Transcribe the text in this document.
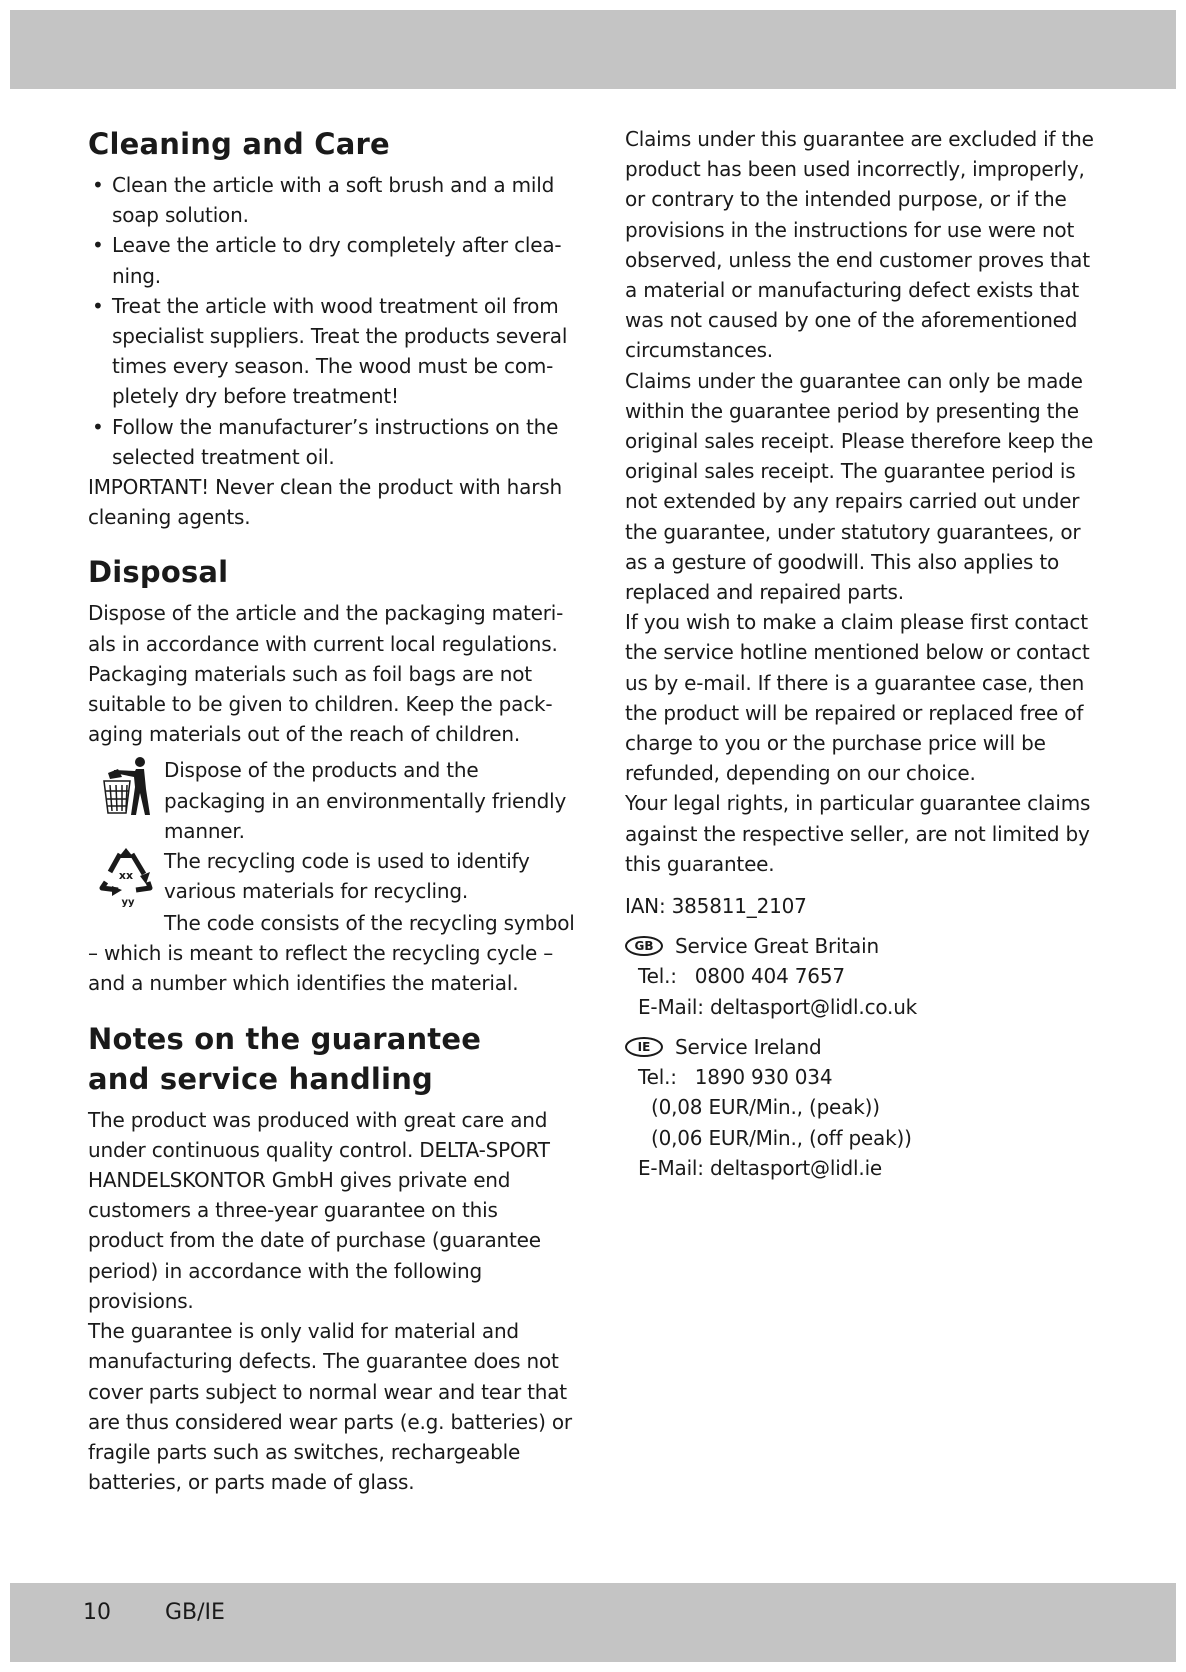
Cleaning and Care
• Clean the article with a soft brush and a mild soap solution.
• Leave the article to dry completely after clea-ning.
• Treat the article with wood treatment oil from specialist suppliers. Treat the products several times every season. The wood must be com-pletely dry before treatment!
• Follow the manufacturer’s instructions on the selected treatment oil.

IMPORTANT! Never clean the product with harsh cleaning agents.

Disposal

Dispose of the article and the packaging materi-als in accordance with current local regulations. Packaging materials such as foil bags are not suitable to be given to children. Keep the pack-aging materials out of the reach of children.

Dispose of the products and the packaging in an environmentally friendly manner.

xx
yy

The recycling code is used to identify various materials for recycling.

The code consists of the recycling symbol

– which is meant to reflect the recycling cycle – and a number which identifies the material.

Notes on the guarantee and service handling

The product was produced with great care and under continuous quality control. DELTA-SPORT HANDELSKONTOR GmbH gives private end customers a three-year guarantee on this product from the date of purchase (guarantee period) in accordance with the following provisions.

The guarantee is only valid for material and manufacturing defects. The guarantee does not cover parts subject to normal wear and tear that are thus considered wear parts (e.g. batteries) or fragile parts such as switches, rechargeable batteries, or parts made of glass.

Claims under this guarantee are excluded if the product has been used incorrectly, improperly, or contrary to the intended purpose, or if the provisions in the instructions for use were not observed, unless the end customer proves that a material or manufacturing defect exists that was not caused by one of the aforementioned circumstances.

Claims under the guarantee can only be made within the guarantee period by presenting the original sales receipt. Please therefore keep the original sales receipt. The guarantee period is not extended by any repairs carried out under the guarantee, under statutory guarantees, or as a gesture of goodwill. This also applies to replaced and repaired parts.

If you wish to make a claim please first contact the service hotline mentioned below or contact us by e-mail. If there is a guarantee case, then the product will be repaired or replaced free of charge to you or the purchase price will be refunded, depending on our choice.

Your legal rights, in particular guarantee claims against the respective seller, are not limited by this guarantee.

IAN: 385811_2107

GB	Service Great Britain

Tel.: 0800 404 7657

E-Mail: deltasport@lidl.co.uk

IE	Service Ireland

Tel.: 1890 930 034

(0,08 EUR/Min., (peak))

(0,06 EUR/Min., (off peak))

E-Mail: deltasport@lidl.ie

10 GB/IE
